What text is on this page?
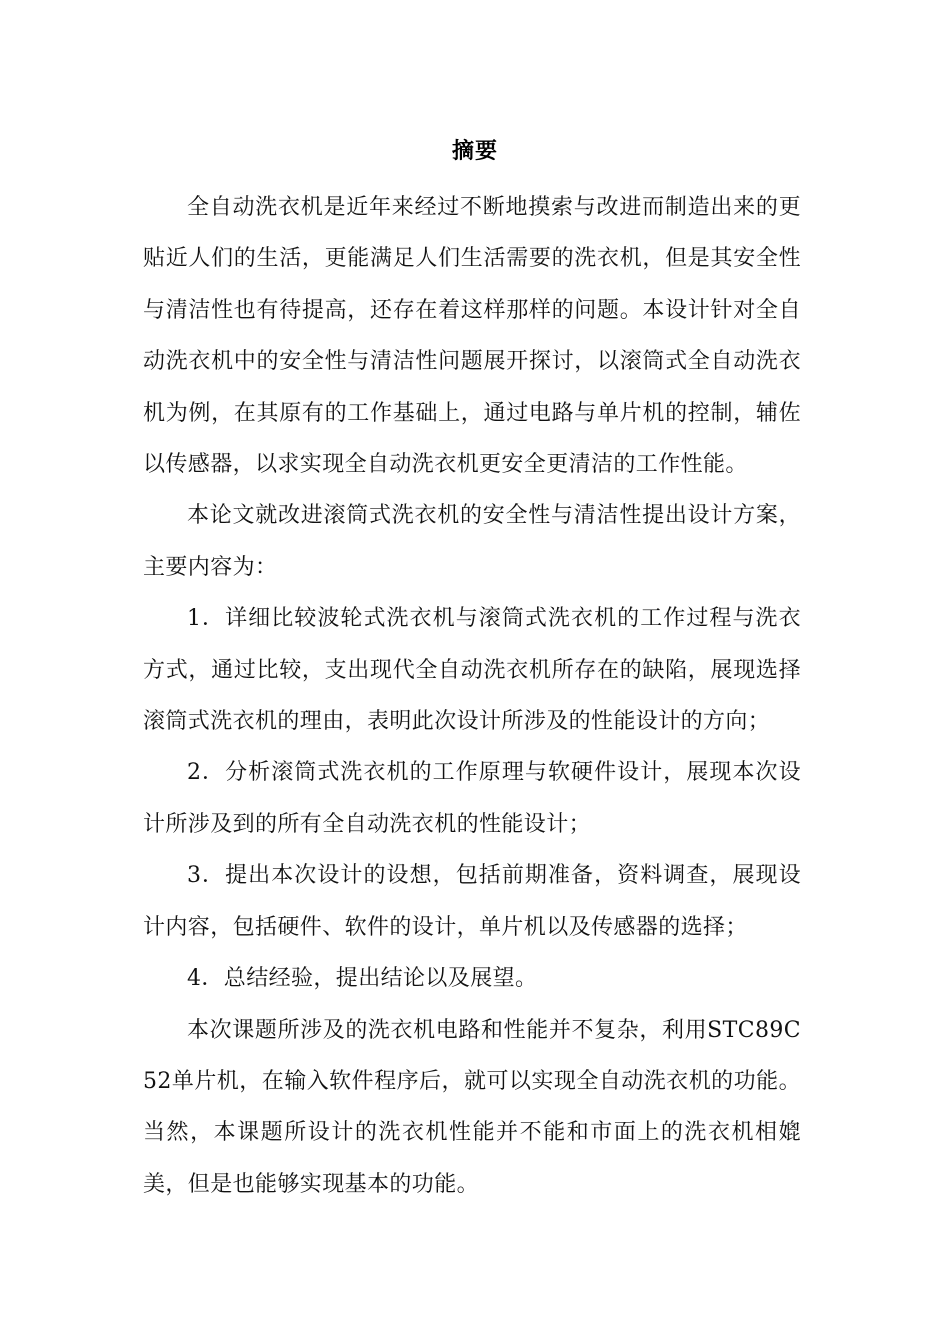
摘要

全自动洗衣机是近年来经过不断地摸索与改进而制造出来的更贴近人们的生活，更能满足人们生活需要的洗衣机，但是其安全性与清洁性也有待提高，还存在着这样那样的问题。本设计针对全自动洗衣机中的安全性与清洁性问题展开探讨，以滚筒式全自动洗衣机为例，在其原有的工作基础上，通过电路与单片机的控制，辅佐以传感器，以求实现全自动洗衣机更安全更清洁的工作性能。

本论文就改进滚筒式洗衣机的安全性与清洁性提出设计方案，主要内容为：

1．详细比较波轮式洗衣机与滚筒式洗衣机的工作过程与洗衣方式，通过比较，支出现代全自动洗衣机所存在的缺陷，展现选择滚筒式洗衣机的理由，表明此次设计所涉及的性能设计的方向；

2．分析滚筒式洗衣机的工作原理与软硬件设计，展现本次设计所涉及到的所有全自动洗衣机的性能设计；

3．提出本次设计的设想，包括前期准备，资料调查，展现设计内容，包括硬件、软件的设计，单片机以及传感器的选择；

4．总结经验，提出结论以及展望。

本次课题所涉及的洗衣机电路和性能并不复杂，利用STC89C52单片机，在输入软件程序后，就可以实现全自动洗衣机的功能。当然，本课题所设计的洗衣机性能并不能和市面上的洗衣机相媲美，但是也能够实现基本的功能。
